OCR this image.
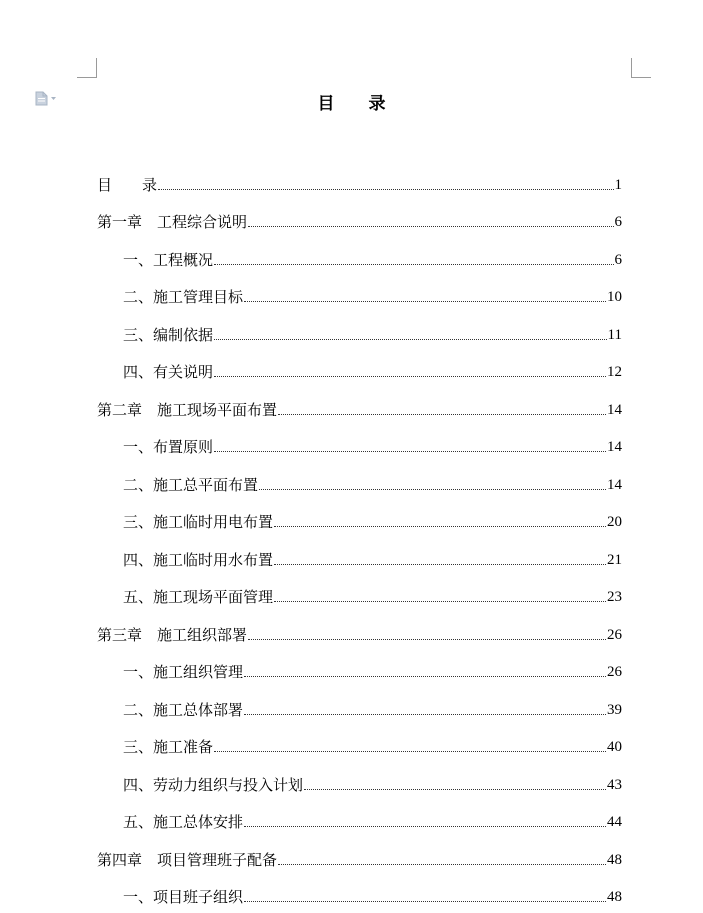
目 录
目　　录	1
第一章　工程综合说明	6
一、工程概况	6
二、施工管理目标	10
三、编制依据	11
四、有关说明	12
第二章　施工现场平面布置	14
一、布置原则	14
二、施工总平面布置	14
三、施工临时用电布置	20
四、施工临时用水布置	21
五、施工现场平面管理	23
第三章　施工组织部署	26
一、施工组织管理	26
二、施工总体部署	39
三、施工准备	40
四、劳动力组织与投入计划	43
五、施工总体安排	44
第四章　项目管理班子配备	48
一、项目班子组织	48
